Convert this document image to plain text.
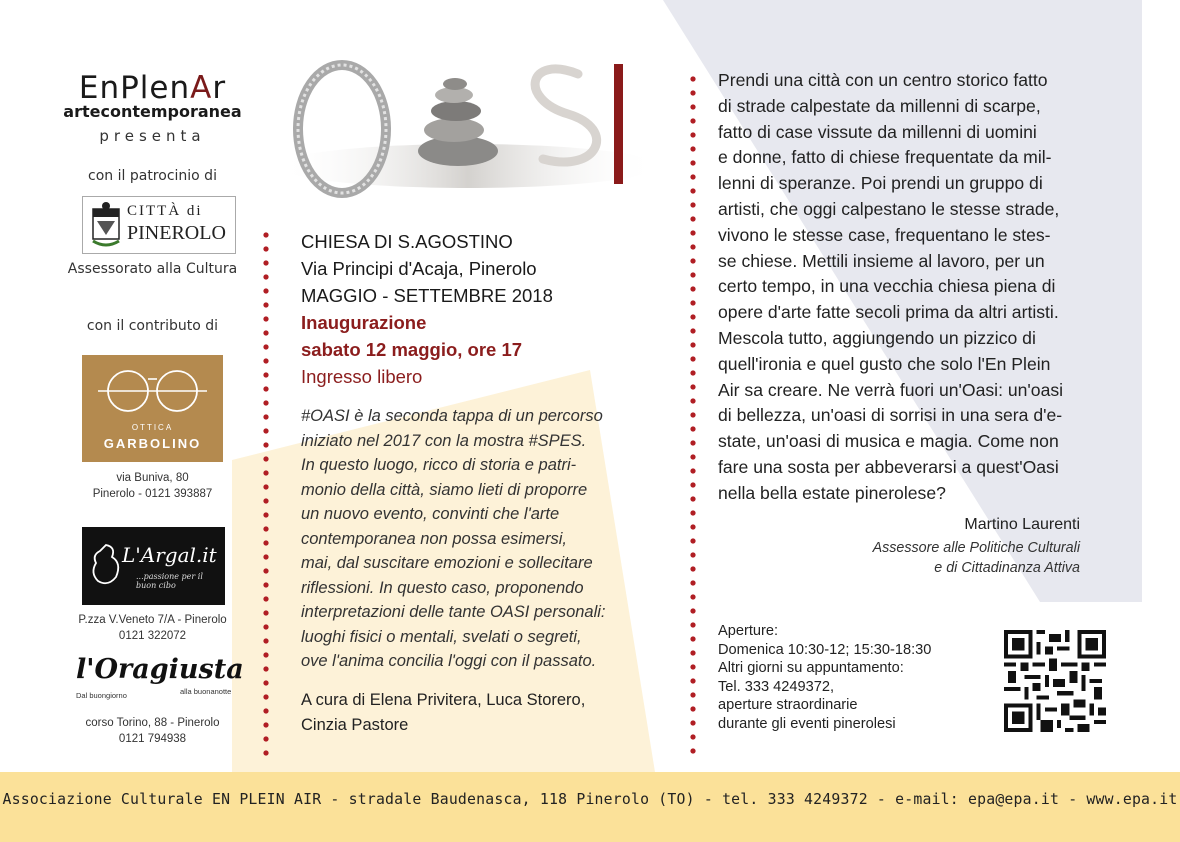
EnPlenAr
artecontemporanea
presenta
con il patrocinio di
CITTÀ di
PINEROLO
Assessorato alla Cultura
con il contributo di
OTTICA
GARBOLINO
via Buniva, 80
Pinerolo - 0121 393887
L'Argal.it
...passione per il buon cibo
P.zza V.Veneto 7/A - Pinerolo
0121 322072
l'Oragiusta
Dal buongiorno	alla buonanotte
corso Torino, 88 - Pinerolo
0121 794938
CHIESA DI S.AGOSTINO
Via Principi d'Acaja, Pinerolo
MAGGIO - SETTEMBRE 2018
Inaugurazione
sabato 12 maggio, ore 17
Ingresso libero
#OASI è la seconda tappa di un percorso
iniziato nel 2017 con la mostra #SPES.
In questo luogo, ricco di storia e patri-
monio della città, siamo lieti di proporre
un nuovo evento, convinti che l'arte
contemporanea non possa esimersi,
mai, dal suscitare emozioni e sollecitare
riflessioni. In questo caso, proponendo
interpretazioni delle tante OASI personali:
luoghi fisici o mentali, svelati o segreti,
ove l'anima concilia l'oggi con il passato.
A cura di Elena Privitera, Luca Storero,
Cinzia Pastore
Prendi una città con un centro storico fatto
di strade calpestate da millenni di scarpe,
fatto di case vissute da millenni di uomini
e donne, fatto di chiese frequentate da mil-
lenni di speranze. Poi prendi un gruppo di
artisti, che oggi calpestano le stesse strade,
vivono le stesse case, frequentano le stes-
se chiese. Mettili insieme al lavoro, per un
certo tempo, in una vecchia chiesa piena di
opere d'arte fatte secoli prima da altri artisti.
Mescola tutto, aggiungendo un pizzico di
quell'ironia e quel gusto che solo l'En Plein
Air sa creare. Ne verrà fuori un'Oasi: un'oasi
di bellezza, un'oasi di sorrisi in una sera d'e-
state, un'oasi di musica e magia. Come non
fare una sosta per abbeverarsi a quest'Oasi
nella bella estate pinerolese?
Martino Laurenti
Assessore alle Politiche Culturali
e di Cittadinanza Attiva
Aperture:
Domenica 10:30-12; 15:30-18:30
Altri giorni su appuntamento:
Tel. 333 4249372,
aperture straordinarie
durante gli eventi pinerolesi
Associazione Culturale EN PLEIN AIR - stradale Baudenasca, 118 Pinerolo (TO) - tel. 333 4249372 - e-mail: epa@epa.it - www.epa.it
